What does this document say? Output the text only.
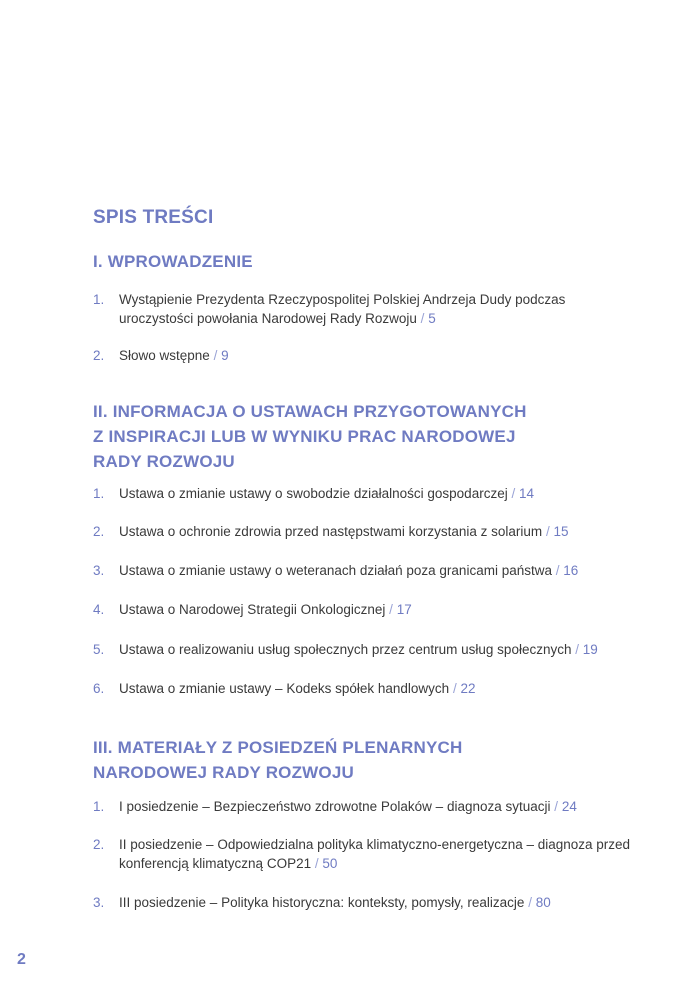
SPIS TREŚCI
I. WPROWADZENIE
1.	Wystąpienie Prezydenta Rzeczypospolitej Polskiej Andrzeja Dudy podczas uroczystości powołania Narodowej Rady Rozwoju / 5
2.	Słowo wstępne / 9
II. INFORMACJA O USTAWACH PRZYGOTOWANYCH
Z INSPIRACJI LUB W WYNIKU PRAC NARODOWEJ
RADY ROZWOJU
1.	Ustawa o zmianie ustawy o swobodzie działalności gospodarczej / 14
2.	Ustawa o ochronie zdrowia przed następstwami korzystania z solarium / 15
3.	Ustawa o zmianie ustawy o weteranach działań poza granicami państwa / 16
4.	Ustawa o Narodowej Strategii Onkologicznej / 17
5.	Ustawa o realizowaniu usług społecznych przez centrum usług społecznych / 19
6.	Ustawa o zmianie ustawy – Kodeks spółek handlowych / 22
III. MATERIAŁY Z POSIEDZEŃ PLENARNYCH
NARODOWEJ RADY ROZWOJU
1.	I posiedzenie – Bezpieczeństwo zdrowotne Polaków – diagnoza sytuacji / 24
2.	II posiedzenie – Odpowiedzialna polityka klimatyczno-energetyczna – diagnoza przed konferencją klimatyczną COP21 / 50
3.	III posiedzenie – Polityka historyczna: konteksty, pomysły, realizacje / 80
2
